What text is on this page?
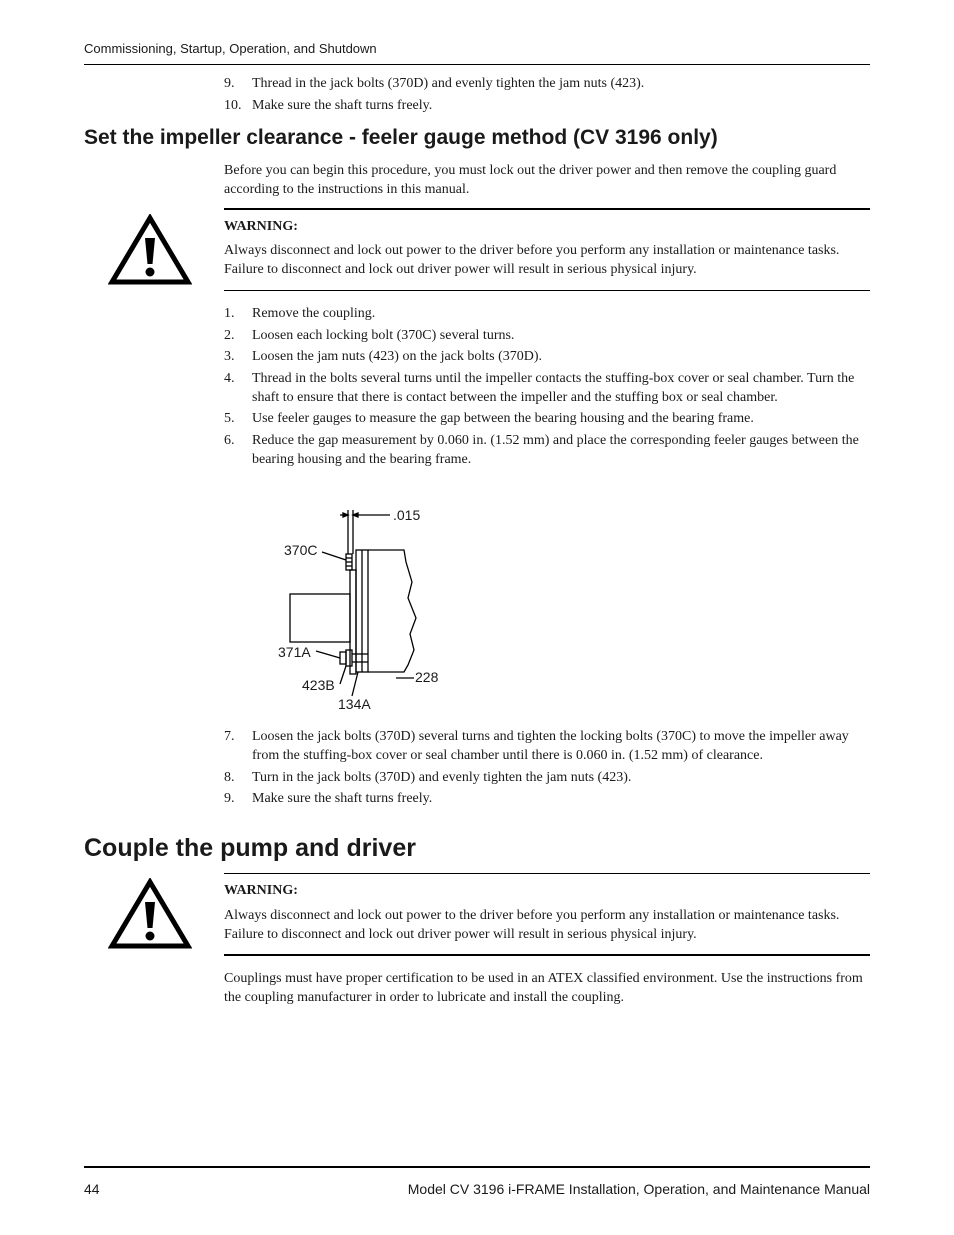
Commissioning, Startup, Operation, and Shutdown
9. Thread in the jack bolts (370D) and evenly tighten the jam nuts (423).
10. Make sure the shaft turns freely.
Set the impeller clearance - feeler gauge method (CV 3196 only)
Before you can begin this procedure, you must lock out the driver power and then remove the coupling guard according to the instructions in this manual.
WARNING:
Always disconnect and lock out power to the driver before you perform any installation or maintenance tasks. Failure to disconnect and lock out driver power will result in serious physical injury.
1. Remove the coupling.
2. Loosen each locking bolt (370C) several turns.
3. Loosen the jam nuts (423) on the jack bolts (370D).
4. Thread in the bolts several turns until the impeller contacts the stuffing-box cover or seal chamber. Turn the shaft to ensure that there is contact between the impeller and the stuffing box or seal chamber.
5. Use feeler gauges to measure the gap between the bearing housing and the bearing frame.
6. Reduce the gap measurement by 0.060 in. (1.52 mm) and place the corresponding feeler gauges between the bearing housing and the bearing frame.
.015
370C
371A
423B
134A
228
7. Loosen the jack bolts (370D) several turns and tighten the locking bolts (370C) to move the impeller away from the stuffing-box cover or seal chamber until there is 0.060 in. (1.52 mm) of clearance.
8. Turn in the jack bolts (370D) and evenly tighten the jam nuts (423).
9. Make sure the shaft turns freely.
Couple the pump and driver
WARNING:
Always disconnect and lock out power to the driver before you perform any installation or maintenance tasks. Failure to disconnect and lock out driver power will result in serious physical injury.
Couplings must have proper certification to be used in an ATEX classified environment. Use the instructions from the coupling manufacturer in order to lubricate and install the coupling.
44	Model CV 3196 i-FRAME Installation, Operation, and Maintenance Manual
